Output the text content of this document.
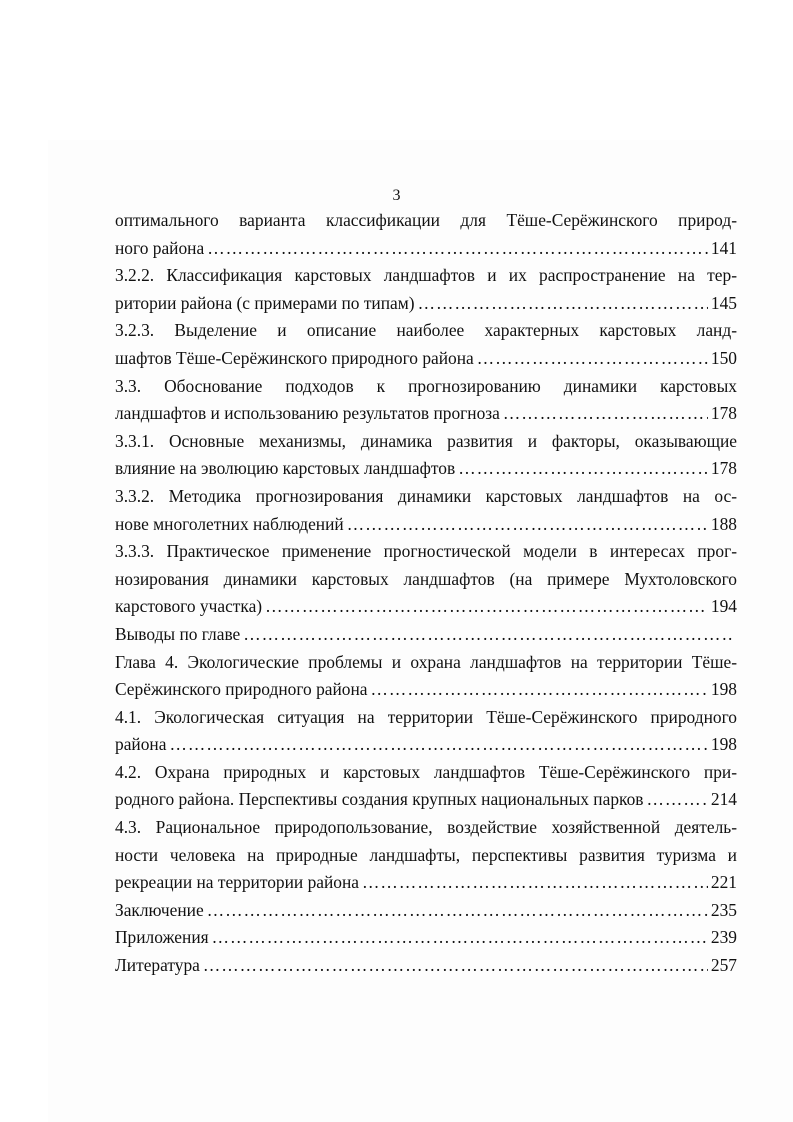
3
оптимального варианта классификации для Тёше-Серёжинского природ-
ного района ………………………………………………………………………………………………………………………………	141
3.2.2. Классификация карстовых ландшафтов и их распространение на тер-
ритории района (с примерами по типам) ………………………………………………………………………………………………………………………………	145
3.2.3. Выделение и описание наиболее характерных карстовых ланд-
шафтов Тёше-Серёжинского природного района ………………………………………………………………………………………………………………………………	150
3.3. Обоснование подходов к прогнозированию динамики карстовых
ландшафтов и использованию результатов прогноза ………………………………………………………………………………………………………………………………	178
3.3.1. Основные механизмы, динамика развития и факторы, оказывающие
влияние на эволюцию карстовых ландшафтов ………………………………………………………………………………………………………………………………	178
3.3.2. Методика прогнозирования динамики карстовых ландшафтов на ос-
нове многолетних наблюдений ………………………………………………………………………………………………………………………………	188
3.3.3. Практическое применение прогностической модели в интересах прог-
нозирования динамики карстовых ландшафтов (на примере Мухтоловского
карстового участка) ………………………………………………………………………………………………………………………………	194
Выводы по главе
………………………………………………………………………………………………………………………………
Глава 4. Экологические проблемы и охрана ландшафтов на территории Тёше-
Серёжинского природного района ………………………………………………………………………………………………………………………………	198
4.1. Экологическая ситуация на территории Тёше-Серёжинского природного
района ………………………………………………………………………………………………………………………………	198
4.2. Охрана природных и карстовых ландшафтов Тёше-Серёжинского при-
родного района. Перспективы создания крупных национальных парков ………………………………………………………………………………………………………………………………	214
4.3. Рациональное природопользование, воздействие хозяйственной деятель-
ности человека на природные ландшафты, перспективы развития туризма и
рекреации на территории района ………………………………………………………………………………………………………………………………	221
Заключение ………………………………………………………………………………………………………………………………	235
Приложения ………………………………………………………………………………………………………………………………	239
Литература ………………………………………………………………………………………………………………………………	257
